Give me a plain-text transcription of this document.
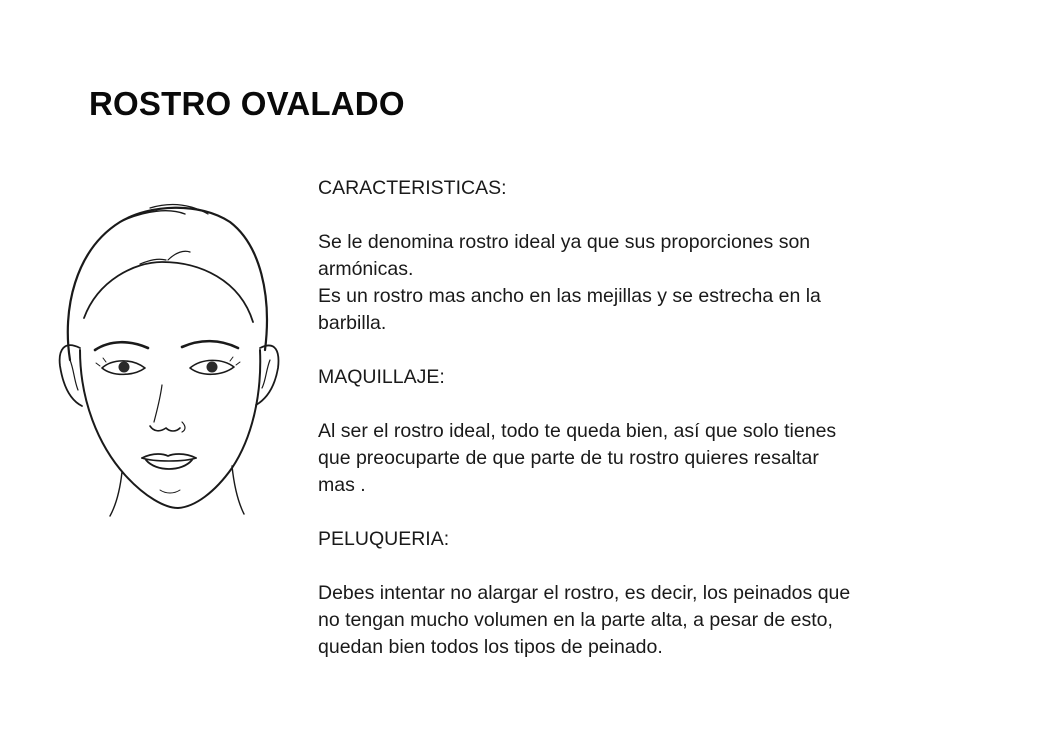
ROSTRO OVALADO
CARACTERISTICAS:

Se le denomina rostro ideal ya que sus proporciones son
armónicas.
Es un rostro mas ancho en las mejillas y se estrecha en la
barbilla.

MAQUILLAJE:

Al ser el rostro ideal, todo te queda bien, así que solo tienes
que preocuparte de que parte de tu rostro quieres resaltar
mas .

PELUQUERIA:

Debes intentar no alargar el rostro, es decir, los peinados que
no tengan mucho volumen en la parte alta, a pesar de esto,
quedan bien todos los tipos de peinado.
